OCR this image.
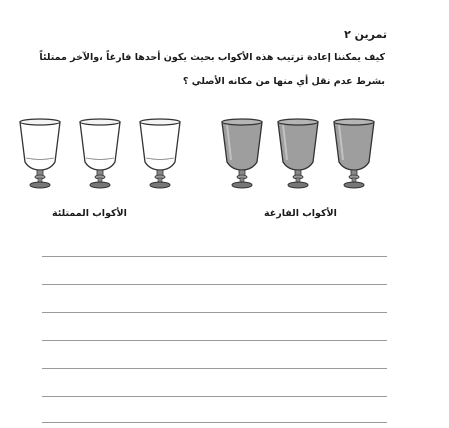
تمرين ٢
كيف يمكننا إعادة ترتيب هذه الأكواب بحيث يكون أحدها فارغاً ،والآخر ممتلئاً
بشرط عدم نقل أي منها من مكانه الأصلي ؟
الأكواب الممتلئة	الأكواب الفارغة
